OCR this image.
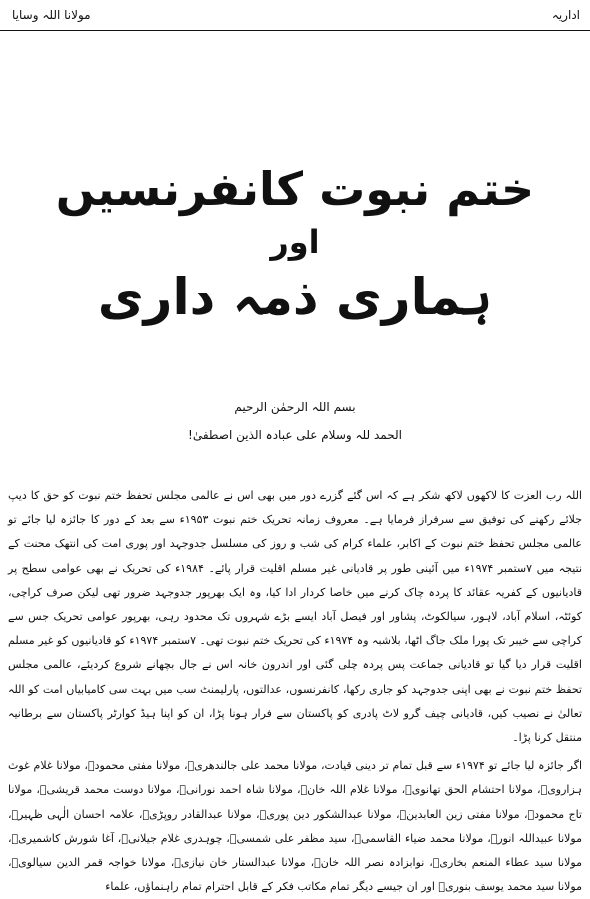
اداریہ
مولانا اللہ وسایا
ختم نبوت کانفرنسیں
اور
ہماری ذمہ داری
بسم اللہ الرحمٰن الرحیم
الحمد للہ وسلام علی عبادہ الذین اصطفیٰ!

اللہ رب العزت کا لاکھوں لاکھ شکر ہے کہ اس گئے گزرے دور میں بھی اس نے عالمی مجلس تحفظ ختم نبوت کو حق کا دیپ جلائے رکھنے کی توفیق سے سرفراز فرمایا ہے۔ معروف زمانہ تحریک ختم نبوت ۱۹۵۳ء سے بعد کے دور کا جائزہ لیا جائے تو عالمی مجلس تحفظ ختم نبوت کے اکابر، علماء کرام کی شب و روز کی مسلسل جدوجہد اور پوری امت کی انتھک محنت کے نتیجہ میں ۷ستمبر ۱۹۷۴ء میں آئینی طور پر قادیانی غیر مسلم اقلیت قرار پائے۔ ۱۹۸۴ء کی تحریک نے بھی عوامی سطح پر قادیانیوں کے کفریہ عقائد کا پردہ چاک کرنے میں خاصا کردار ادا کیا، وہ ایک بھرپور جدوجہد ضرور تھی لیکن صرف کراچی، کوئٹہ، اسلام آباد، لاہور، سیالکوٹ، پشاور اور فیصل آباد ایسے بڑے شہروں تک محدود رہی، بھرپور عوامی تحریک جس سے کراچی سے خیبر تک پورا ملک جاگ اٹھا، بلاشبہ وہ ۱۹۷۴ء کی تحریک ختم نبوت تھی۔ ۷ستمبر ۱۹۷۴ء کو قادیانیوں کو غیر مسلم اقلیت قرار دیا گیا تو قادیانی جماعت پس پردہ چلی گئی اور اندرون خانہ اس نے جال بچھانے شروع کردیئے، عالمی مجلس تحفظ ختم نبوت نے بھی اپنی جدوجہد کو جاری رکھا، کانفرنسوں، عدالتوں، پارلیمنٹ سب میں بہت سی کامیابیاں امت کو اللہ تعالیٰ نے نصیب کیں، قادیانی چیف گرو لاٹ پادری کو پاکستان سے فرار ہونا پڑا، ان کو اپنا ہیڈ کوارٹر پاکستان سے برطانیہ منتقل کرنا پڑا۔

اگر جائزہ لیا جائے تو ۱۹۷۴ء سے قبل تمام تر دینی قیادت، مولانا محمد علی جالندھریؒ، مولانا مفتی محمودؒ، مولانا غلام غوث ہزارویؒ، مولانا احتشام الحق تھانویؒ، مولانا غلام اللہ خانؒ، مولانا شاہ احمد نورانیؒ، مولانا دوست محمد قریشیؒ، مولانا تاج محمودؒ، مولانا مفتی زین العابدینؒ، مولانا عبدالشکور دین پوریؒ، مولانا عبدالقادر روپڑیؒ، علامہ احسان الٰہی ظہیرؒ، مولانا عبیداللہ انورؒ، مولانا محمد ضیاء القاسمیؒ، سید مظفر علی شمسیؒ، چوہدری غلام جیلانیؒ، آغا شورش کاشمیریؒ، مولانا سید عطاء المنعم بخاریؒ، نوابزادہ نصر اللہ خانؒ، مولانا عبدالستار خان نیازیؒ، مولانا خواجہ قمر الدین سیالویؒ، مولانا سید محمد یوسف بنوریؒ اور ان جیسے دیگر تمام مکاتب فکر کے قابل احترام تمام راہنماؤں، علماء
